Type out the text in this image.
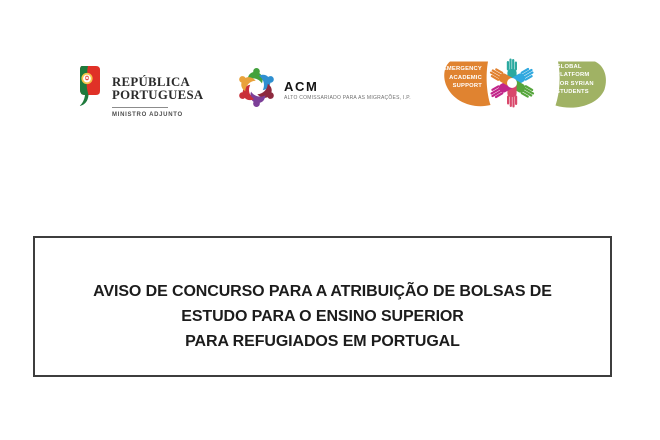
REPÚBLICA
PORTUGUESA
MINISTRO ADJUNTO
ACM
ALTO COMISSARIADO PARA AS MIGRAÇÕES, I.P.
EMERGENCY
ACADEMIC
SUPPORT
GLOBAL
PLATFORM
FOR SYRIAN
STUDENTS
AVISO DE CONCURSO PARA A ATRIBUIÇÃO DE BOLSAS DE
ESTUDO PARA O ENSINO SUPERIOR
PARA REFUGIADOS EM PORTUGAL
